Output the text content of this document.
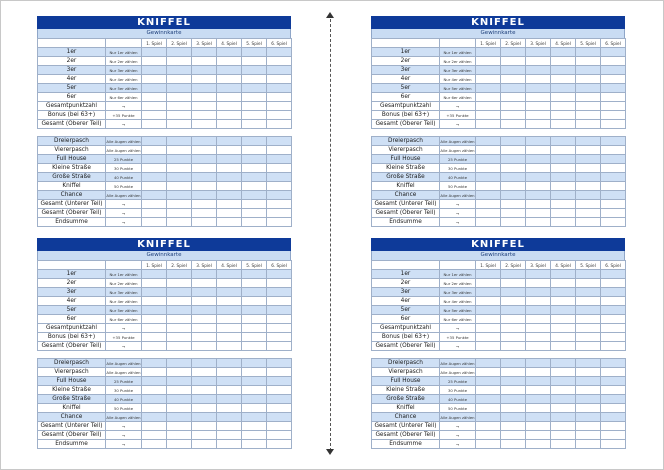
KNIFFEL
Gewinnkarte
		1. Spiel	2. Spiel	3. Spiel	4. Spiel	5. Spiel	6. Spiel
1er	Nur 1er zählen						
2er	Nur 2er zählen						
3er	Nur 3er zählen						
4er	Nur 4er zählen						
5er	Nur 5er zählen						
6er	Nur 6er zählen						
Gesamtpunktzahl	→						
Bonus (bei 63+)	+35 Punkte						
Gesamt (Oberer Teil)	→						
Dreierpasch	Alle Augen zählen						
Viererpasch	Alle Augen zählen						
Full House	25 Punkte						
Kleine Straße	30 Punkte						
Große Straße	40 Punkte						
Kniffel	50 Punkte						
Chance	Alle Augen zählen						
Gesamt (Unterer Teil)	→						
Gesamt (Oberer Teil)	→						
Endsumme	→						
KNIFFEL
Gewinnkarte
		1. Spiel	2. Spiel	3. Spiel	4. Spiel	5. Spiel	6. Spiel
1er	Nur 1er zählen						
2er	Nur 2er zählen						
3er	Nur 3er zählen						
4er	Nur 4er zählen						
5er	Nur 5er zählen						
6er	Nur 6er zählen						
Gesamtpunktzahl	→						
Bonus (bei 63+)	+35 Punkte						
Gesamt (Oberer Teil)	→						
Dreierpasch	Alle Augen zählen						
Viererpasch	Alle Augen zählen						
Full House	25 Punkte						
Kleine Straße	30 Punkte						
Große Straße	40 Punkte						
Kniffel	50 Punkte						
Chance	Alle Augen zählen						
Gesamt (Unterer Teil)	→						
Gesamt (Oberer Teil)	→						
Endsumme	→						
KNIFFEL
Gewinnkarte
		1. Spiel	2. Spiel	3. Spiel	4. Spiel	5. Spiel	6. Spiel
1er	Nur 1er zählen						
2er	Nur 2er zählen						
3er	Nur 3er zählen						
4er	Nur 4er zählen						
5er	Nur 5er zählen						
6er	Nur 6er zählen						
Gesamtpunktzahl	→						
Bonus (bei 63+)	+35 Punkte						
Gesamt (Oberer Teil)	→						
Dreierpasch	Alle Augen zählen						
Viererpasch	Alle Augen zählen						
Full House	25 Punkte						
Kleine Straße	30 Punkte						
Große Straße	40 Punkte						
Kniffel	50 Punkte						
Chance	Alle Augen zählen						
Gesamt (Unterer Teil)	→						
Gesamt (Oberer Teil)	→						
Endsumme	→						
KNIFFEL
Gewinnkarte
		1. Spiel	2. Spiel	3. Spiel	4. Spiel	5. Spiel	6. Spiel
1er	Nur 1er zählen						
2er	Nur 2er zählen						
3er	Nur 3er zählen						
4er	Nur 4er zählen						
5er	Nur 5er zählen						
6er	Nur 6er zählen						
Gesamtpunktzahl	→						
Bonus (bei 63+)	+35 Punkte						
Gesamt (Oberer Teil)	→						
Dreierpasch	Alle Augen zählen						
Viererpasch	Alle Augen zählen						
Full House	25 Punkte						
Kleine Straße	30 Punkte						
Große Straße	40 Punkte						
Kniffel	50 Punkte						
Chance	Alle Augen zählen						
Gesamt (Unterer Teil)	→						
Gesamt (Oberer Teil)	→						
Endsumme	→						
